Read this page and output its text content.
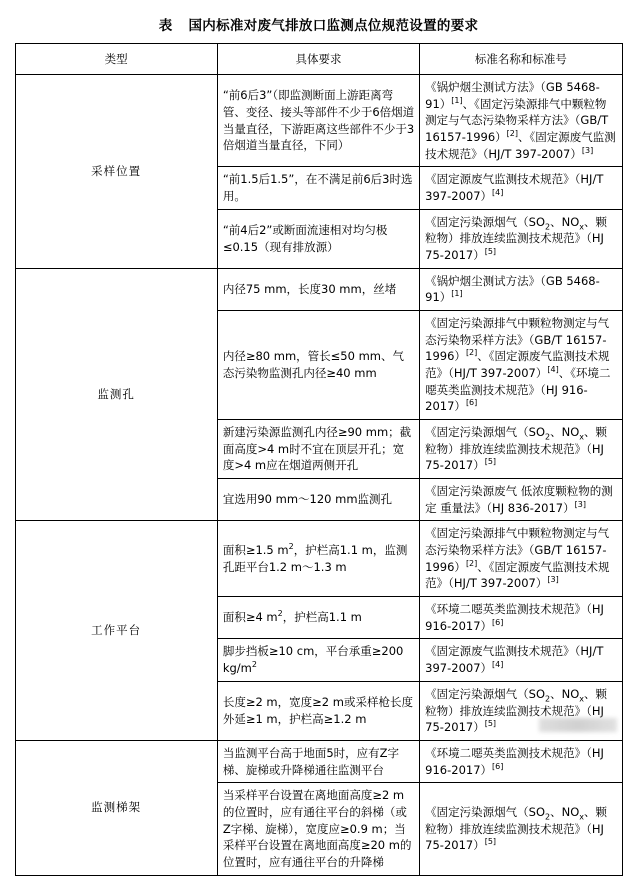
表 国内标准对废气排放口监测点位规范设置的要求
类型	具体要求	标准名称和标准号
采样位置	“前6后3”（即监测断面上游距离弯管、变径、接头等部件不少于6倍烟道当量直径，下游距离这些部件不少于3倍烟道当量直径，下同）	《锅炉烟尘测试方法》（GB 5468-91）[1]、《固定污染源排气中颗粒物测定与气态污染物采样方法》（GB/T 16157-1996）[2]、《固定源废气监测技术规范》（HJ/T 397-2007）[3]
	“前1.5后1.5”，在不满足前6后3时选用。	《固定源废气监测技术规范》（HJ/T 397-2007）[4]
	“前4后2”或断面流速相对均匀极≤0.15（现有排放源）	《固定污染源烟气（$SO_2$、$NO_x$、颗粒物）排放连续监测技术规范》（HJ 75-2017）[5]
监测孔	内径75 mm，长度30 mm，丝堵	《锅炉烟尘测试方法》（GB 5468-91）[1]
	内径≥80 mm，管长≤50 mm、气态污染物监测孔内径≥40 mm	《固定污染源排气中颗粒物测定与气态污染物采样方法》（GB/T 16157-1996）[2]、《固定源废气监测技术规范》（HJ/T 397-2007）[4]、《环境二噁英类监测技术规范》（HJ 916-2017）[6]
	新建污染源监测孔内径≥90 mm；截面高度>4 m时不宜在顶层开孔；宽度>4 m应在烟道两侧开孔	《固定污染源烟气（$SO_2$、$NO_x$、颗粒物）排放连续监测技术规范》（HJ 75-2017）[5]
	宜选用90 mm～120 mm监测孔	《固定污染源废气 低浓度颗粒物的测定 重量法》（HJ 836-2017）[3]
工作平台	面积≥1.5 $m^2$，护栏高1.1 m，监测孔距平台1.2 m～1.3 m	《固定污染源排气中颗粒物测定与气态污染物采样方法》（GB/T 16157-1996）[2]、《固定源废气监测技术规范》（HJ/T 397-2007）[3]
	面积≥4 $m^2$，护栏高1.1 m	《环境二噁英类监测技术规范》（HJ 916-2017）[6]
	脚步挡板≥10 cm，平台承重≥200 $kg/m^2$	《固定源废气监测技术规范》（HJ/T 397-2007）[4]
	长度≥2 m，宽度≥2 m或采样枪长度外延≥1 m，护栏高≥1.2 m	《固定污染源烟气（$SO_2$、$NO_x$、颗粒物）排放连续监测技术规范》（HJ 75-2017）[5]
监测梯架	当监测平台高于地面5时，应有Z字梯、旋梯或升降梯通往监测平台	《环境二噁英类监测技术规范》（HJ 916-2017）[6]
	当采样平台设置在离地面高度≥2 m的位置时，应有通往平台的斜梯（或Z字梯、旋梯），宽度应≥0.9 m；当采样平台设置在离地面高度≥20 m的位置时，应有通往平台的升降梯	《固定污染源烟气（$SO_2$、$NO_x$、颗粒物）排放连续监测技术规范》（HJ 75-2017）[5]
